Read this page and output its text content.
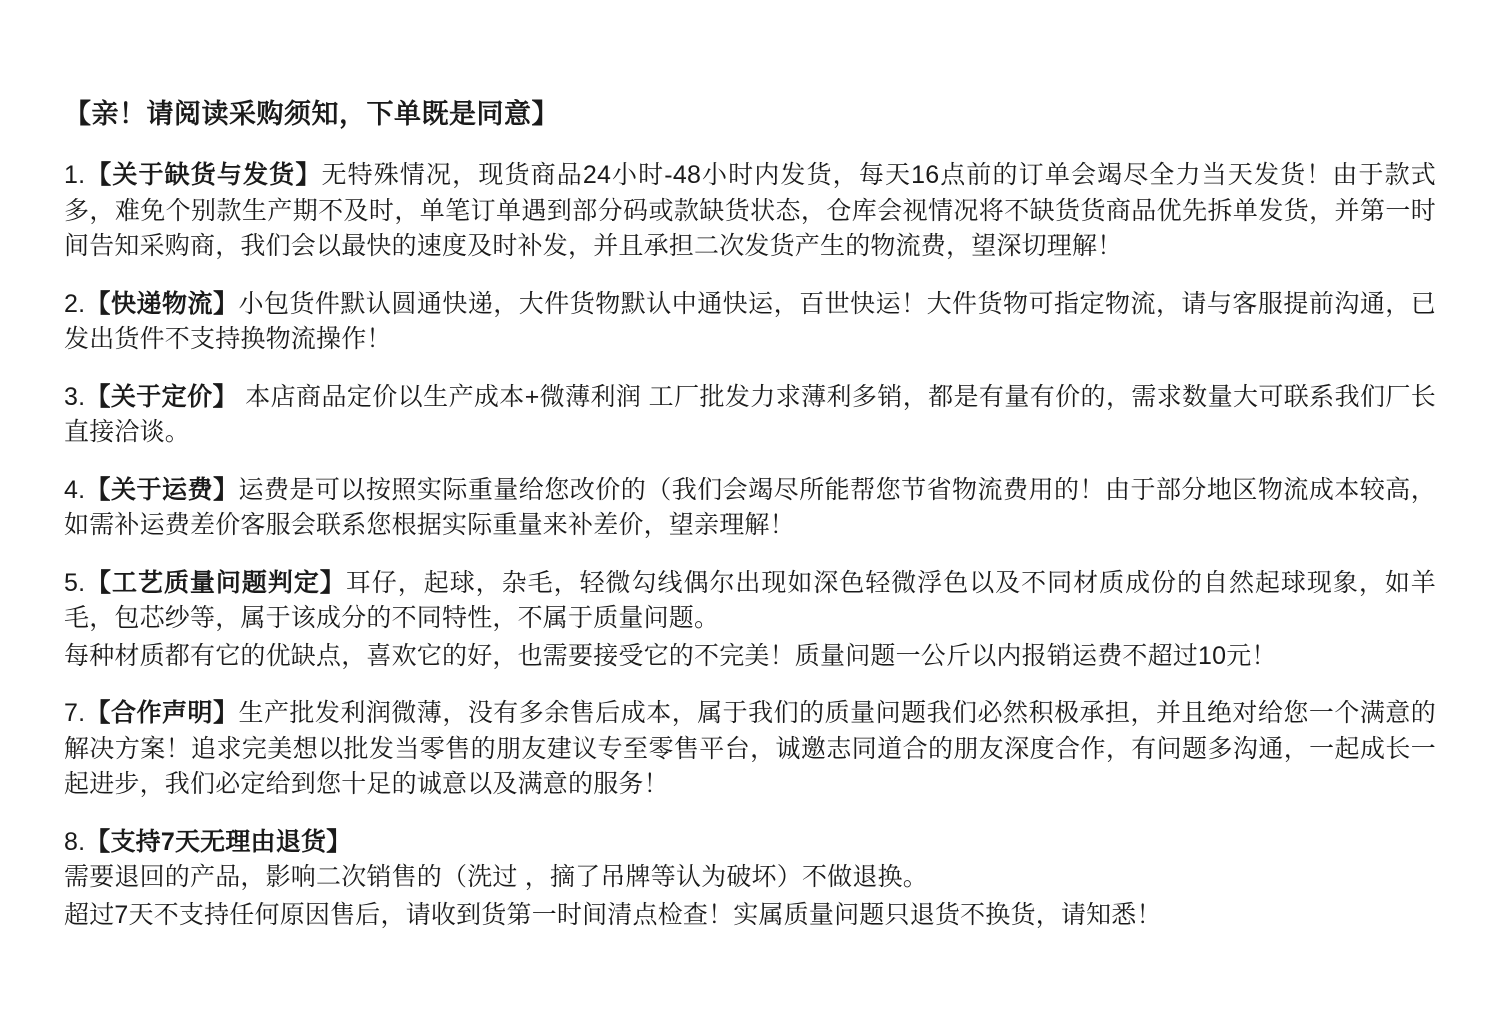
【亲！请阅读采购须知，下单既是同意】

1.【关于缺货与发货】无特殊情况，现货商品24小时-48小时内发货，每天16点前的订单会竭尽全力当天发货！由于款式多，难免个别款生产期不及时，单笔订单遇到部分码或款缺货状态，仓库会视情况将不缺货货商品优先拆单发货，并第一时间告知采购商，我们会以最快的速度及时补发，并且承担二次发货产生的物流费，望深切理解！

2.【快递物流】小包货件默认圆通快递，大件货物默认中通快运，百世快运！大件货物可指定物流，请与客服提前沟通，已发出货件不支持换物流操作！

3.【关于定价】 本店商品定价以生产成本+微薄利润 工厂批发力求薄利多销，都是有量有价的，需求数量大可联系我们厂长直接洽谈。

4.【关于运费】运费是可以按照实际重量给您改价的（我们会竭尽所能帮您节省物流费用的！由于部分地区物流成本较高，如需补运费差价客服会联系您根据实际重量来补差价，望亲理解！

5.【工艺质量问题判定】耳仔，起球，杂毛，轻微勾线偶尔出现如深色轻微浮色以及不同材质成份的自然起球现象，如羊毛，包芯纱等，属于该成分的不同特性，不属于质量问题。

每种材质都有它的优缺点，喜欢它的好，也需要接受它的不完美！质量问题一公斤以内报销运费不超过10元！

7.【合作声明】生产批发利润微薄，没有多余售后成本，属于我们的质量问题我们必然积极承担，并且绝对给您一个满意的解决方案！追求完美想以批发当零售的朋友建议专至零售平台，诚邀志同道合的朋友深度合作，有问题多沟通，一起成长一起进步，我们必定给到您十足的诚意以及满意的服务！

8.【支持7天无理由退货】

需要退回的产品，影响二次销售的（洗过 ，摘了吊牌等认为破坏）不做退换。

超过7天不支持任何原因售后，请收到货第一时间清点检查！实属质量问题只退货不换货，请知悉！
